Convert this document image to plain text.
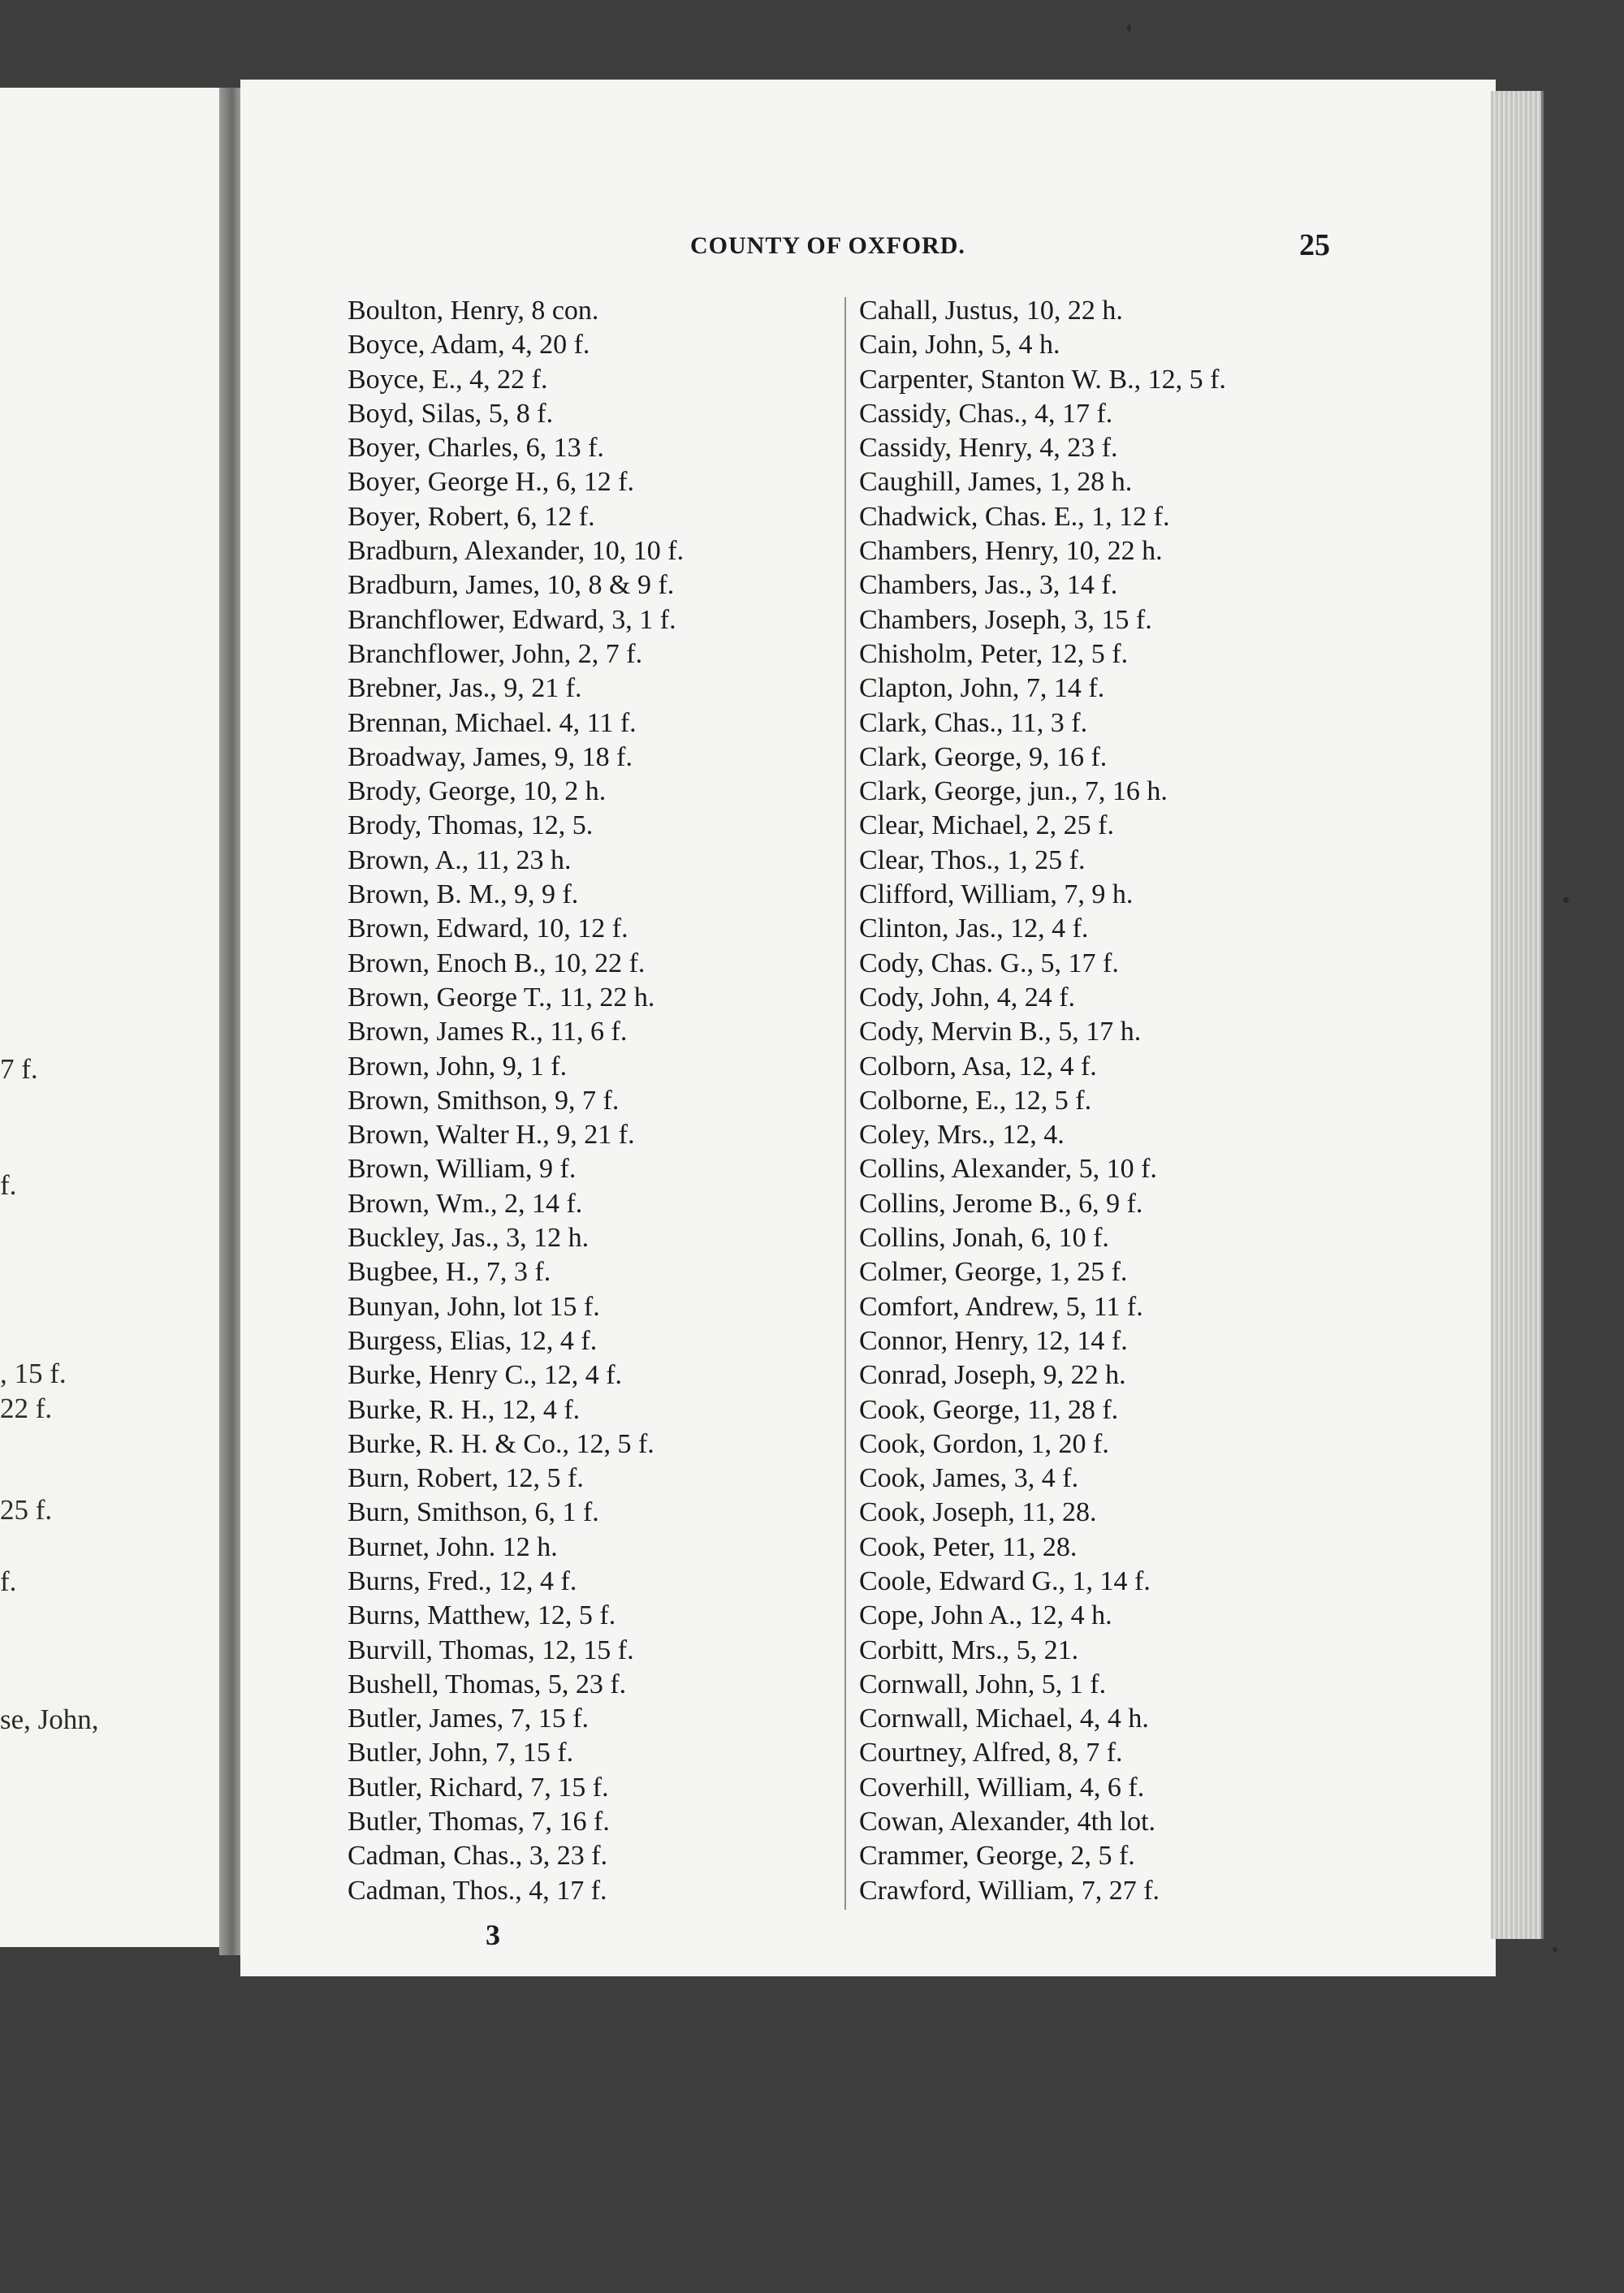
7 f.
f.
, 15 f.
22 f.
25 f.
f.
se, John,
COUNTY OF OXFORD.	25
Boulton, Henry, 8 con.
Boyce, Adam, 4, 20 f.
Boyce, E., 4, 22 f.
Boyd, Silas, 5, 8 f.
Boyer, Charles, 6, 13 f.
Boyer, George H., 6, 12 f.
Boyer, Robert, 6, 12 f.
Bradburn, Alexander, 10, 10 f.
Bradburn, James, 10, 8 & 9 f.
Branchflower, Edward, 3, 1 f.
Branchflower, John, 2, 7 f.
Brebner, Jas., 9, 21 f.
Brennan, Michael. 4, 11 f.
Broadway, James, 9, 18 f.
Brody, George, 10, 2 h.
Brody, Thomas, 12, 5.
Brown, A., 11, 23 h.
Brown, B. M., 9, 9 f.
Brown, Edward, 10, 12 f.
Brown, Enoch B., 10, 22 f.
Brown, George T., 11, 22 h.
Brown, James R., 11, 6 f.
Brown, John, 9, 1 f.
Brown, Smithson, 9, 7 f.
Brown, Walter H., 9, 21 f.
Brown, William, 9 f.
Brown, Wm., 2, 14 f.
Buckley, Jas., 3, 12 h.
Bugbee, H., 7, 3 f.
Bunyan, John, lot 15 f.
Burgess, Elias, 12, 4 f.
Burke, Henry C., 12, 4 f.
Burke, R. H., 12, 4 f.
Burke, R. H. & Co., 12, 5 f.
Burn, Robert, 12, 5 f.
Burn, Smithson, 6, 1 f.
Burnet, John. 12 h.
Burns, Fred., 12, 4 f.
Burns, Matthew, 12, 5 f.
Burvill, Thomas, 12, 15 f.
Bushell, Thomas, 5, 23 f.
Butler, James, 7, 15 f.
Butler, John, 7, 15 f.
Butler, Richard, 7, 15 f.
Butler, Thomas, 7, 16 f.
Cadman, Chas., 3, 23 f.
Cadman, Thos., 4, 17 f.
Cahall, Justus, 10, 22 h.
Cain, John, 5, 4 h.
Carpenter, Stanton W. B., 12, 5 f.
Cassidy, Chas., 4, 17 f.
Cassidy, Henry, 4, 23 f.
Caughill, James, 1, 28 h.
Chadwick, Chas. E., 1, 12 f.
Chambers, Henry, 10, 22 h.
Chambers, Jas., 3, 14 f.
Chambers, Joseph, 3, 15 f.
Chisholm, Peter, 12, 5 f.
Clapton, John, 7, 14 f.
Clark, Chas., 11, 3 f.
Clark, George, 9, 16 f.
Clark, George, jun., 7, 16 h.
Clear, Michael, 2, 25 f.
Clear, Thos., 1, 25 f.
Clifford, William, 7, 9 h.
Clinton, Jas., 12, 4 f.
Cody, Chas. G., 5, 17 f.
Cody, John, 4, 24 f.
Cody, Mervin B., 5, 17 h.
Colborn, Asa, 12, 4 f.
Colborne, E., 12, 5 f.
Coley, Mrs., 12, 4.
Collins, Alexander, 5, 10 f.
Collins, Jerome B., 6, 9 f.
Collins, Jonah, 6, 10 f.
Colmer, George, 1, 25 f.
Comfort, Andrew, 5, 11 f.
Connor, Henry, 12, 14 f.
Conrad, Joseph, 9, 22 h.
Cook, George, 11, 28 f.
Cook, Gordon, 1, 20 f.
Cook, James, 3, 4 f.
Cook, Joseph, 11, 28.
Cook, Peter, 11, 28.
Coole, Edward G., 1, 14 f.
Cope, John A., 12, 4 h.
Corbitt, Mrs., 5, 21.
Cornwall, John, 5, 1 f.
Cornwall, Michael, 4, 4 h.
Courtney, Alfred, 8, 7 f.
Coverhill, William, 4, 6 f.
Cowan, Alexander, 4th lot.
Crammer, George, 2, 5 f.
Crawford, William, 7, 27 f.
3
